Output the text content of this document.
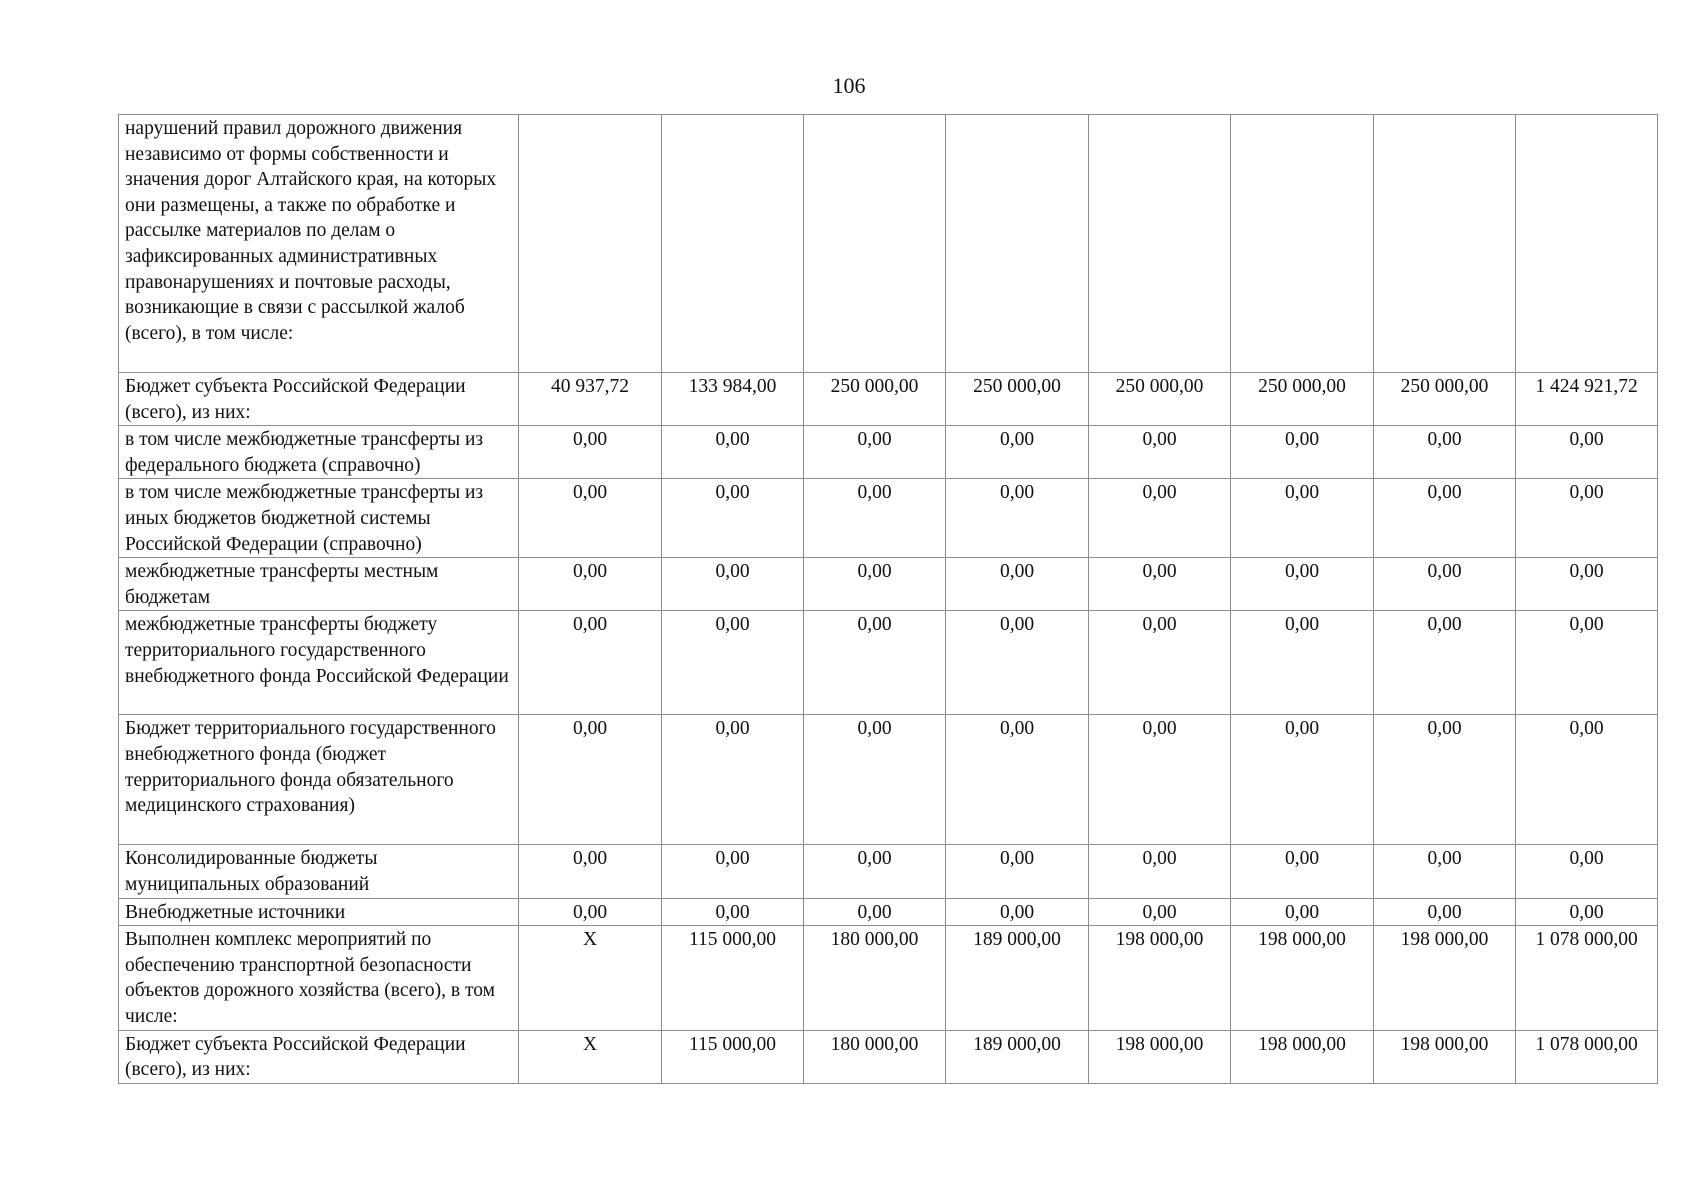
106
нарушений правил дорожного движения независимо от формы собственности и значения дорог Алтайского края, на которых они размещены, а также по обработке и рассылке материалов по делам о зафиксированных административных правонарушениях и почтовые расходы, возникающие в связи с рассылкой жалоб (всего), в том числе:								
Бюджет субъекта Российской Федерации (всего), из них:	40 937,72	133 984,00	250 000,00	250 000,00	250 000,00	250 000,00	250 000,00	1 424 921,72
в том числе межбюджетные трансферты из федерального бюджета (справочно)	0,00	0,00	0,00	0,00	0,00	0,00	0,00	0,00
в том числе межбюджетные трансферты из иных бюджетов бюджетной системы Российской Федерации (справочно)	0,00	0,00	0,00	0,00	0,00	0,00	0,00	0,00
межбюджетные трансферты местным бюджетам	0,00	0,00	0,00	0,00	0,00	0,00	0,00	0,00
межбюджетные трансферты бюджету территориального государственного внебюджетного фонда Российской Федерации	0,00	0,00	0,00	0,00	0,00	0,00	0,00	0,00
Бюджет территориального государственного внебюджетного фонда (бюджет территориального фонда обязательного медицинского страхования)	0,00	0,00	0,00	0,00	0,00	0,00	0,00	0,00
Консолидированные бюджеты муниципальных образований	0,00	0,00	0,00	0,00	0,00	0,00	0,00	0,00
Внебюджетные источники	0,00	0,00	0,00	0,00	0,00	0,00	0,00	0,00
Выполнен комплекс мероприятий по обеспечению транспортной безопасности объектов дорожного хозяйства (всего), в том числе:	X	115 000,00	180 000,00	189 000,00	198 000,00	198 000,00	198 000,00	1 078 000,00
Бюджет субъекта Российской Федерации (всего), из них:	X	115 000,00	180 000,00	189 000,00	198 000,00	198 000,00	198 000,00	1 078 000,00
